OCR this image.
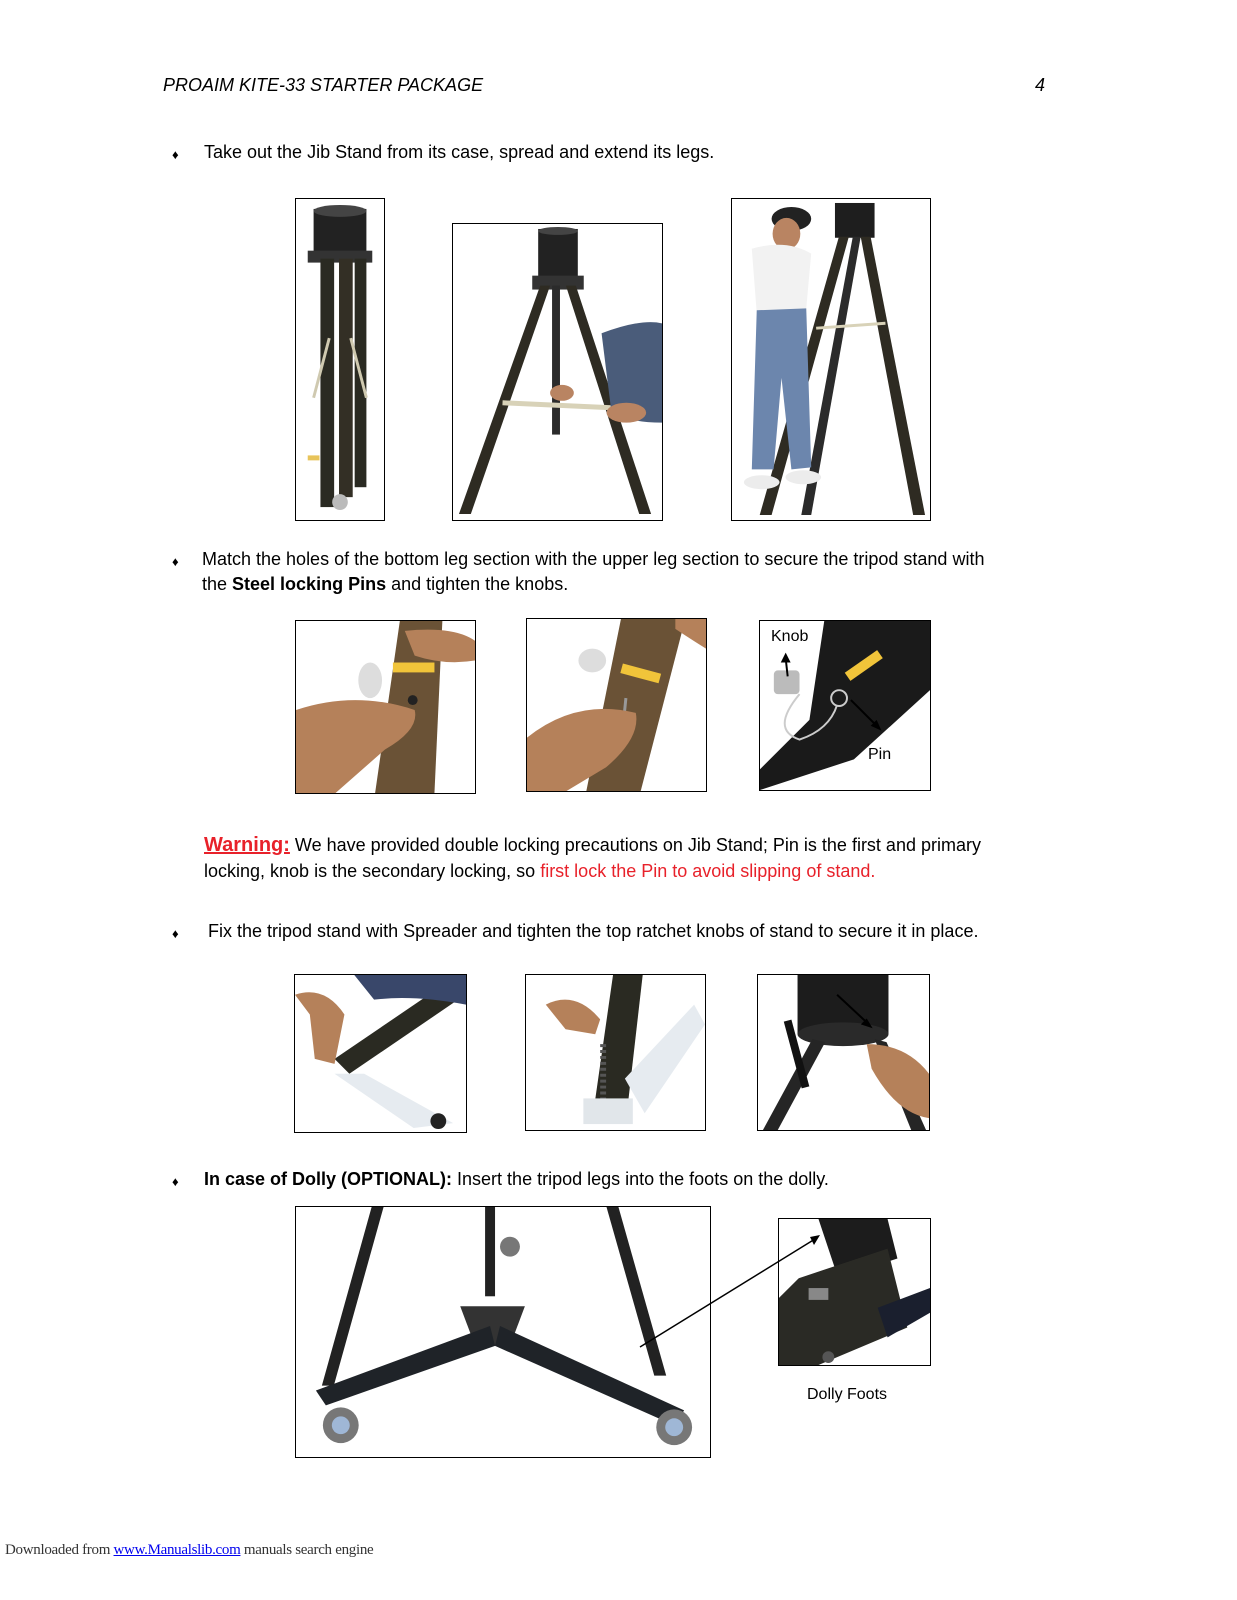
PROAIM KITE-33 STARTER PACKAGE	4
♦ Take out the Jib Stand from its case, spread and extend its legs.
♦ Match the holes of the bottom leg section with the upper leg section to secure the tripod stand with
the Steel locking Pins and tighten the knobs.
Knob
Pin
Warning: We have provided double locking precautions on Jib Stand; Pin is the first and primary
locking, knob is the secondary locking, so first lock the Pin to avoid slipping of stand.
♦ Fix the tripod stand with Spreader and tighten the top ratchet knobs of stand to secure it in place.
♦ In case of Dolly (OPTIONAL): Insert the tripod legs into the foots on the dolly.
Dolly Foots
Downloaded from www.Manualslib.com manuals search engine
